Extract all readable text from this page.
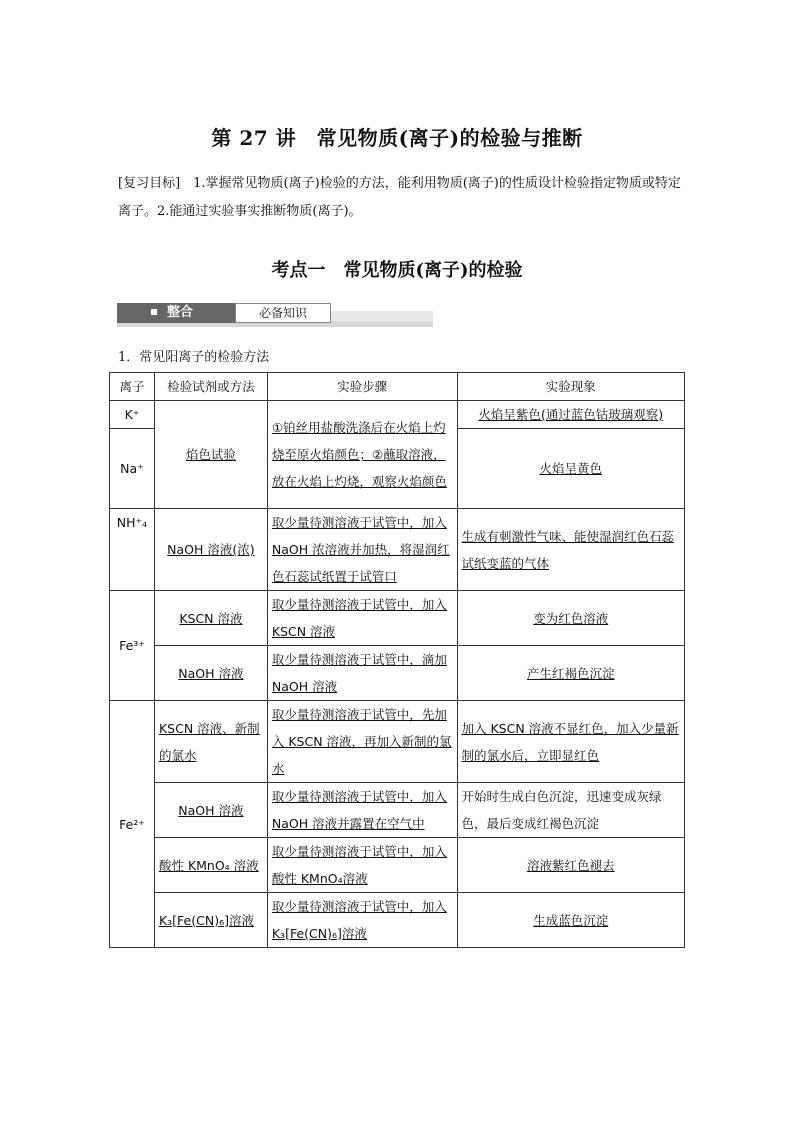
第 27 讲　常见物质(离子)的检验与推断
[复习目标]　1.掌握常见物质(离子)检验的方法，能利用物质(离子)的性质设计检验指定物质或特定离子。2.能通过实验事实推断物质(离子)。
考点一　常见物质(离子)的检验
整合	必备知识
1．常见阳离子的检验方法
离子	检验试剂或方法	实验步骤	实验现象
K⁺	焰色试验	①铂丝用盐酸洗涤后在火焰上灼烧至原火焰颜色；②蘸取溶液，放在火焰上灼烧，观察火焰颜色	火焰呈紫色(通过蓝色钴玻璃观察)
Na⁺			火焰呈黄色
NH⁺₄	NaOH 溶液(浓)	取少量待测溶液于试管中，加入 NaOH 浓溶液并加热，将湿润红色石蕊试纸置于试管口	生成有刺激性气味、能使湿润红色石蕊试纸变蓝的气体
Fe³⁺	KSCN 溶液	取少量待测溶液于试管中，加入 KSCN 溶液	变为红色溶液
	NaOH 溶液	取少量待测溶液于试管中，滴加 NaOH 溶液	产生红褐色沉淀
Fe²⁺	KSCN 溶液、新制的氯水	取少量待测溶液于试管中，先加入 KSCN 溶液，再加入新制的氯水	加入 KSCN 溶液不显红色，加入少量新制的氯水后，立即显红色
	NaOH 溶液	取少量待测溶液于试管中，加入 NaOH 溶液并露置在空气中	开始时生成白色沉淀，迅速变成灰绿色，最后变成红褐色沉淀
	酸性 KMnO₄ 溶液	取少量待测溶液于试管中，加入酸性 KMnO₄溶液	溶液紫红色褪去
	K₃[Fe(CN)₆]溶液	取少量待测溶液于试管中，加入 K₃[Fe(CN)₆]溶液	生成蓝色沉淀
